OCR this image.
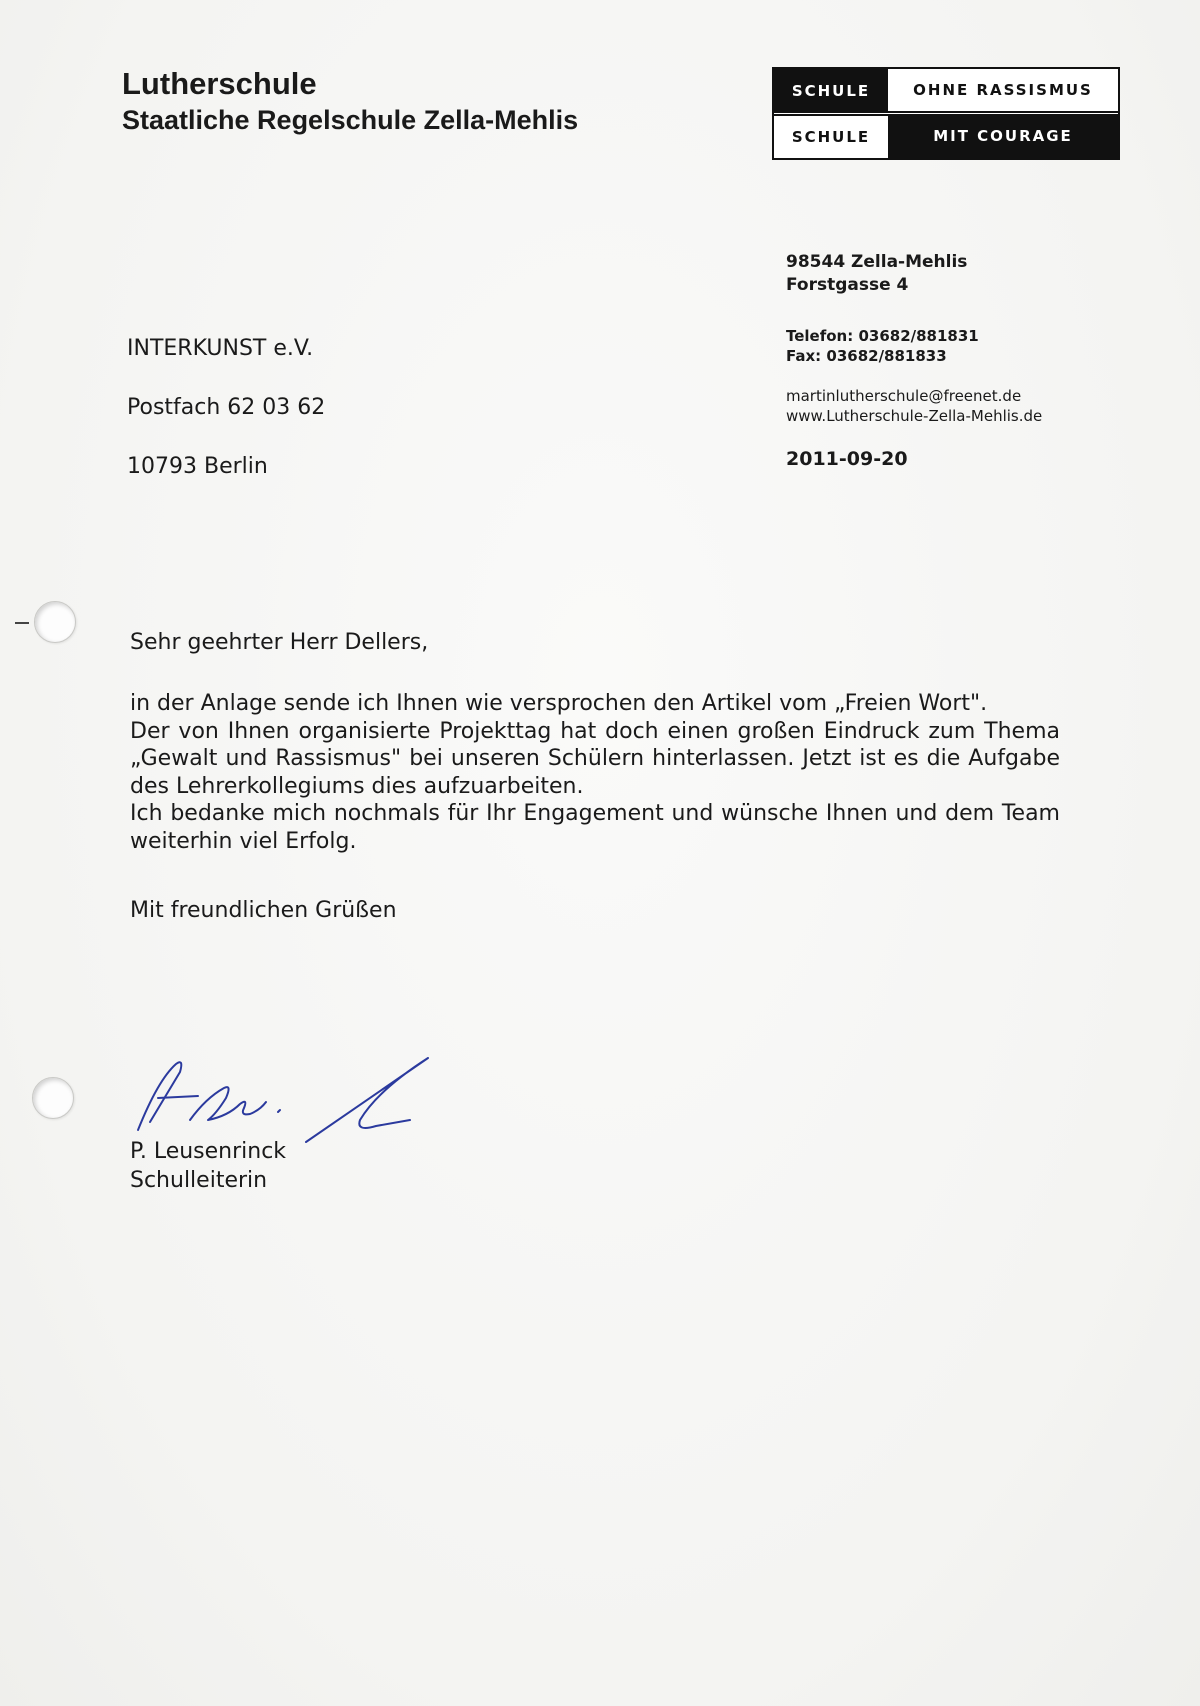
Lutherschule
Staatliche Regelschule Zella-Mehlis
SCHULE	OHNE RASSISMUS
SCHULE	MIT COURAGE
98544 Zella-Mehlis
Forstgasse 4
Telefon: 03682/881831
Fax: 03682/881833
martinlutherschule@freenet.de
www.Lutherschule-Zella-Mehlis.de
2011-09-20
INTERKUNST e.V.
Postfach 62 03 62
10793 Berlin
Sehr geehrter Herr Dellers,
in der Anlage sende ich Ihnen wie versprochen den Artikel vom „Freien Wort".
Der von Ihnen organisierte Projekttag hat doch einen großen Eindruck zum Thema „Gewalt und Rassismus" bei unseren Schülern hinterlassen. Jetzt ist es die Aufgabe des Lehrerkollegiums dies aufzuarbeiten.
Ich bedanke mich nochmals für Ihr Engagement und wünsche Ihnen und dem Team weiterhin viel Erfolg.
Mit freundlichen Grüßen
P. Leusenrinck
Schulleiterin
